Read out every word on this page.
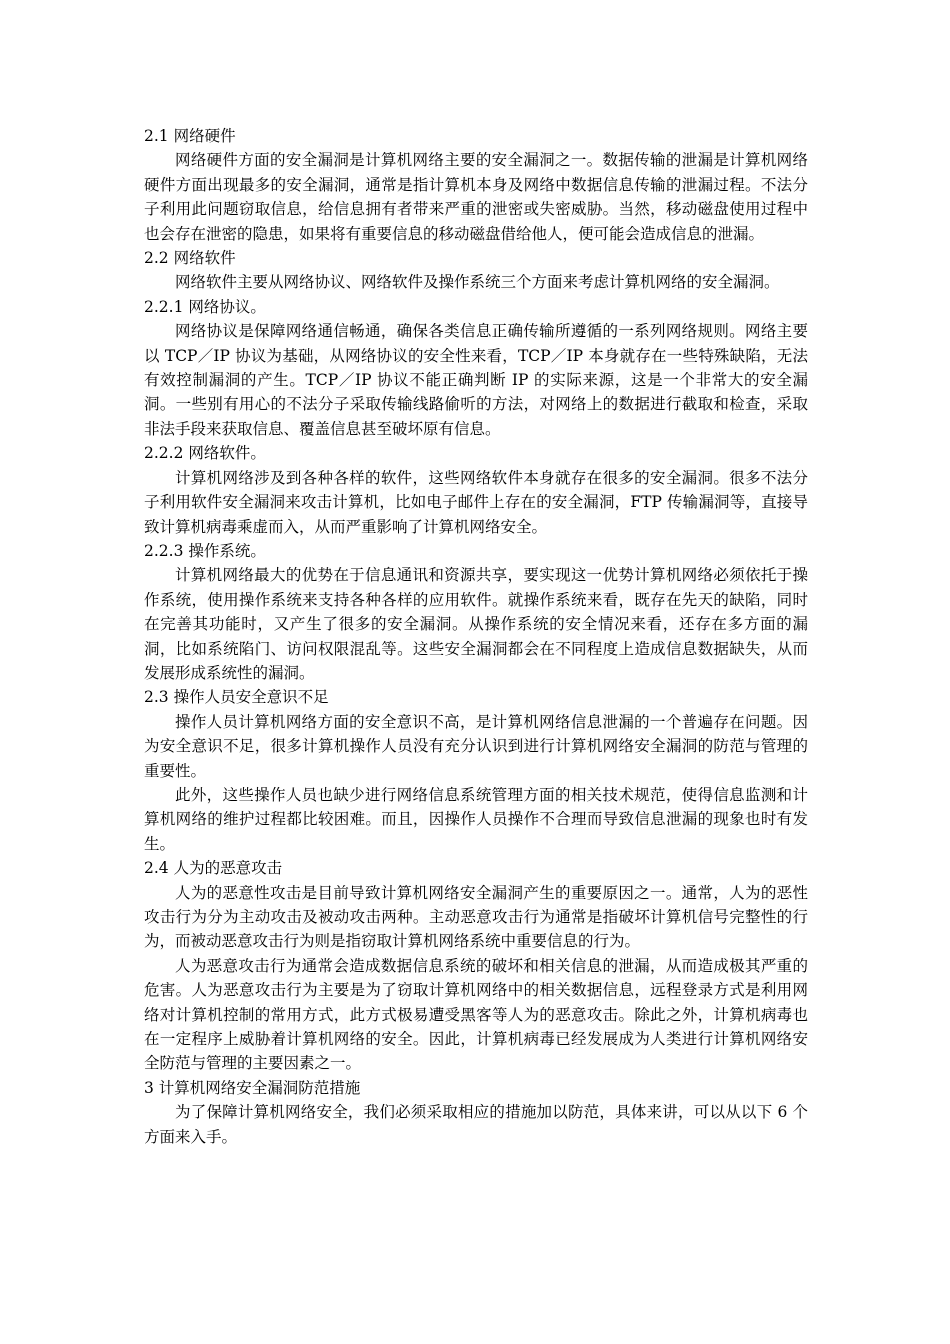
2.1 网络硬件
网络硬件方面的安全漏洞是计算机网络主要的安全漏洞之一。数据传输的泄漏是计算机网络硬件方面出现最多的安全漏洞，通常是指计算机本身及网络中数据信息传输的泄漏过程。不法分子利用此问题窃取信息，给信息拥有者带来严重的泄密或失密威胁。当然，移动磁盘使用过程中也会存在泄密的隐患，如果将有重要信息的移动磁盘借给他人，便可能会造成信息的泄漏。
2.2 网络软件
网络软件主要从网络协议、网络软件及操作系统三个方面来考虑计算机网络的安全漏洞。
2.2.1 网络协议。
网络协议是保障网络通信畅通，确保各类信息正确传输所遵循的一系列网络规则。网络主要以 TCP／IP 协议为基础，从网络协议的安全性来看，TCP／IP 本身就存在一些特殊缺陷，无法有效控制漏洞的产生。TCP／IP 协议不能正确判断 IP 的实际来源，这是一个非常大的安全漏洞。一些别有用心的不法分子采取传输线路偷听的方法，对网络上的数据进行截取和检查，采取非法手段来获取信息、覆盖信息甚至破坏原有信息。
2.2.2 网络软件。
计算机网络涉及到各种各样的软件，这些网络软件本身就存在很多的安全漏洞。很多不法分子利用软件安全漏洞来攻击计算机，比如电子邮件上存在的安全漏洞，FTP 传输漏洞等，直接导致计算机病毒乘虚而入，从而严重影响了计算机网络安全。
2.2.3 操作系统。
计算机网络最大的优势在于信息通讯和资源共享，要实现这一优势计算机网络必须依托于操作系统，使用操作系统来支持各种各样的应用软件。就操作系统来看，既存在先天的缺陷，同时在完善其功能时，又产生了很多的安全漏洞。从操作系统的安全情况来看，还存在多方面的漏洞，比如系统陷门、访问权限混乱等。这些安全漏洞都会在不同程度上造成信息数据缺失，从而发展形成系统性的漏洞。
2.3 操作人员安全意识不足
操作人员计算机网络方面的安全意识不高，是计算机网络信息泄漏的一个普遍存在问题。因为安全意识不足，很多计算机操作人员没有充分认识到进行计算机网络安全漏洞的防范与管理的重要性。
此外，这些操作人员也缺少进行网络信息系统管理方面的相关技术规范，使得信息监测和计算机网络的维护过程都比较困难。而且，因操作人员操作不合理而导致信息泄漏的现象也时有发生。
2.4 人为的恶意攻击
人为的恶意性攻击是目前导致计算机网络安全漏洞产生的重要原因之一。通常，人为的恶性攻击行为分为主动攻击及被动攻击两种。主动恶意攻击行为通常是指破坏计算机信号完整性的行为，而被动恶意攻击行为则是指窃取计算机网络系统中重要信息的行为。
人为恶意攻击行为通常会造成数据信息系统的破坏和相关信息的泄漏，从而造成极其严重的危害。人为恶意攻击行为主要是为了窃取计算机网络中的相关数据信息，远程登录方式是利用网络对计算机控制的常用方式，此方式极易遭受黑客等人为的恶意攻击。除此之外，计算机病毒也在一定程序上威胁着计算机网络的安全。因此，计算机病毒已经发展成为人类进行计算机网络安全防范与管理的主要因素之一。
3 计算机网络安全漏洞防范措施
为了保障计算机网络安全，我们必须采取相应的措施加以防范，具体来讲，可以从以下 6 个方面来入手。
